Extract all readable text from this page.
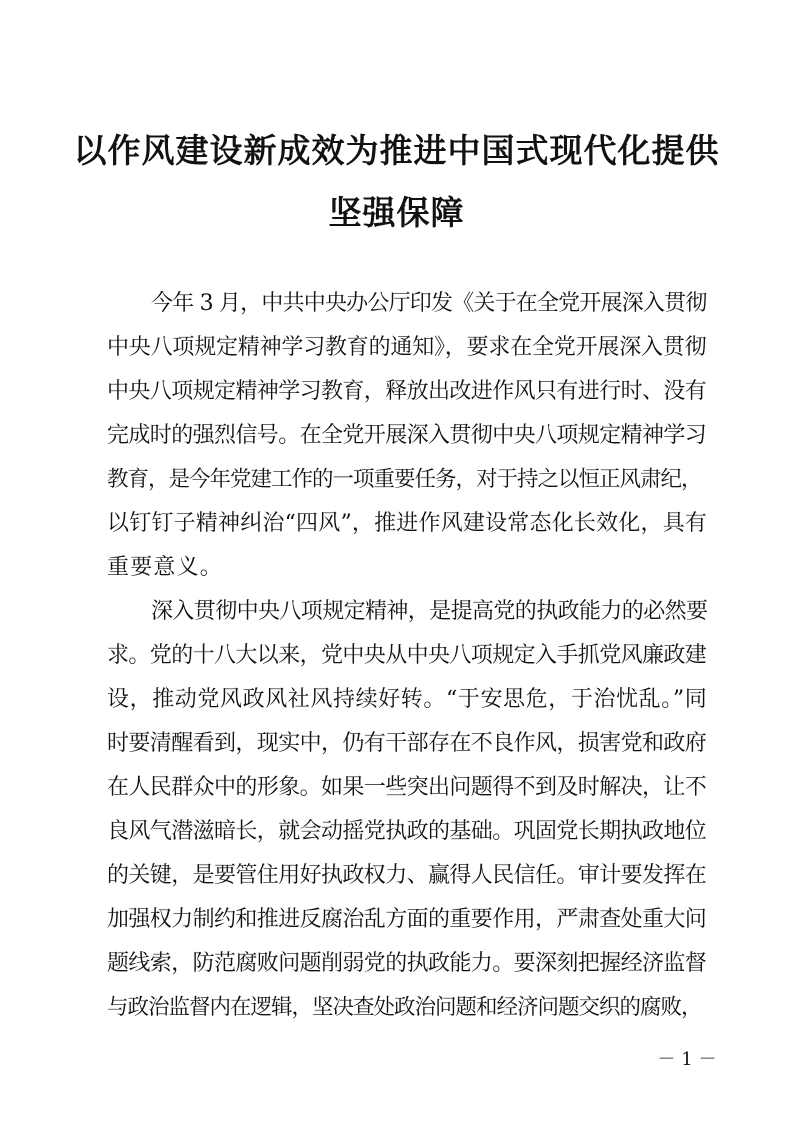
以作风建设新成效为推进中国式现代化提供
坚强保障
今年 3 月，中共中央办公厅印发《关于在全党开展深入贯彻
中央八项规定精神学习教育的通知》，要求在全党开展深入贯彻
中央八项规定精神学习教育，释放出改进作风只有进行时、没有
完成时的强烈信号。在全党开展深入贯彻中央八项规定精神学习
教育，是今年党建工作的一项重要任务，对于持之以恒正风肃纪，
以钉钉子精神纠治“四风”，推进作风建设常态化长效化，具有
重要意义。
深入贯彻中央八项规定精神，是提高党的执政能力的必然要
求。党的十八大以来，党中央从中央八项规定入手抓党风廉政建
设，推动党风政风社风持续好转。“于安思危，于治忧乱。”同
时要清醒看到，现实中，仍有干部存在不良作风，损害党和政府
在人民群众中的形象。如果一些突出问题得不到及时解决，让不
良风气潜滋暗长，就会动摇党执政的基础。巩固党长期执政地位
的关键，是要管住用好执政权力、赢得人民信任。审计要发挥在
加强权力制约和推进反腐治乱方面的重要作用，严肃查处重大问
题线索，防范腐败问题削弱党的执政能力。要深刻把握经济监督
与政治监督内在逻辑，坚决查处政治问题和经济问题交织的腐败，
－ 1 －
